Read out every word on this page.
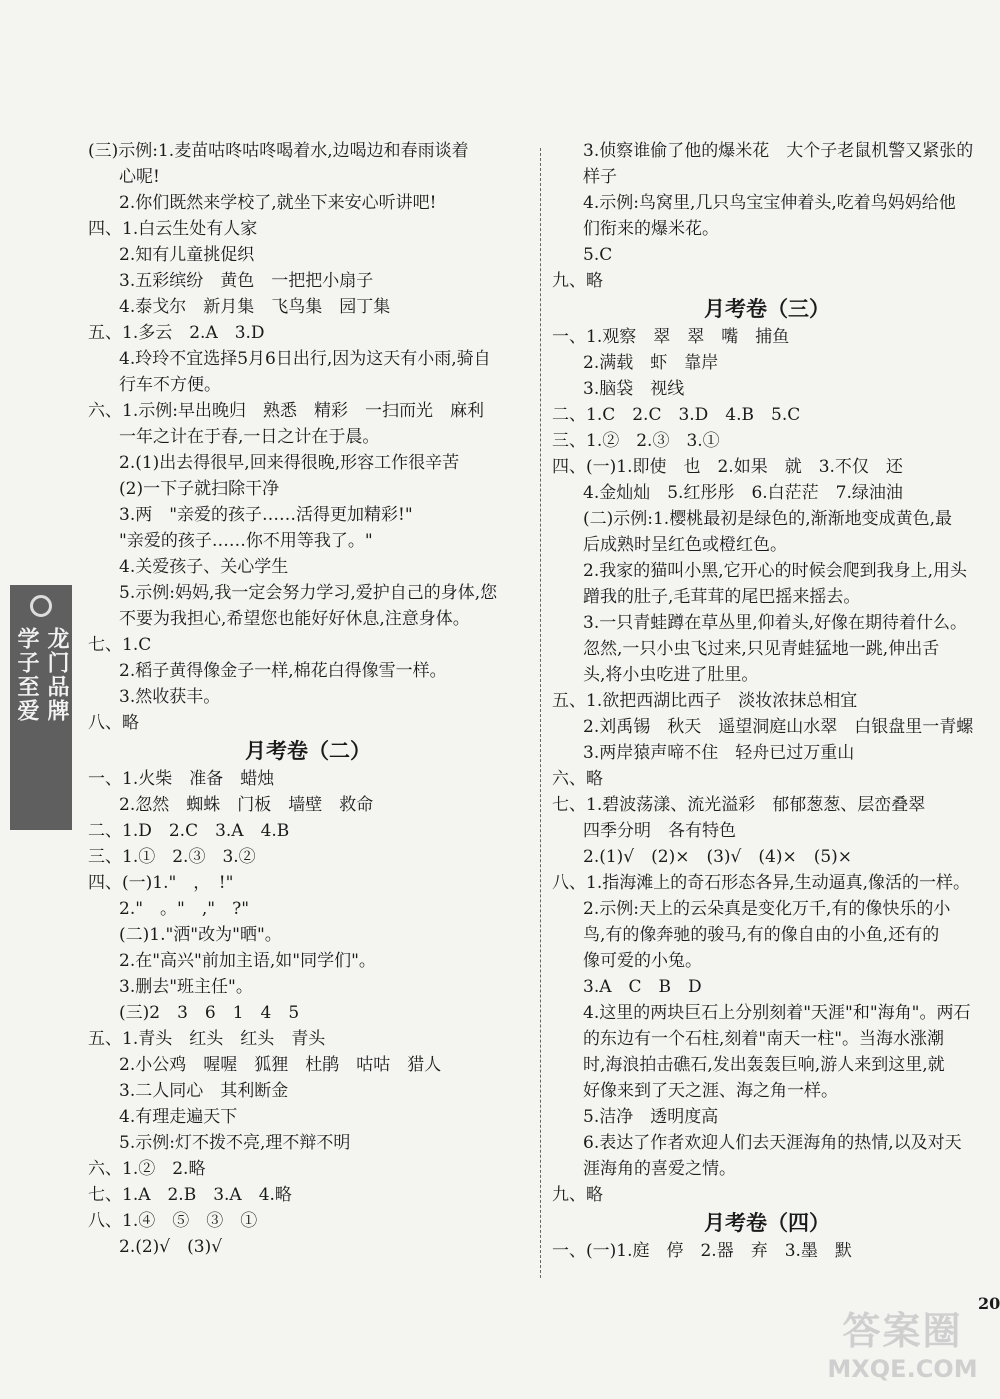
(三)示例:1.麦苗咕咚咕咚喝着水,边喝边和春雨谈着
心呢!
2.你们既然来学校了,就坐下来安心听讲吧!
四、1.白云生处有人家
2.知有儿童挑促织
3.五彩缤纷　黄色　一把把小扇子
4.泰戈尔　新月集　飞鸟集　园丁集
五、1.多云　2.A　3.D
4.玲玲不宜选择5月6日出行,因为这天有小雨,骑自
行车不方便。
六、1.示例:早出晚归　熟悉　精彩　一扫而光　麻利
一年之计在于春,一日之计在于晨。
2.(1)出去得很早,回来得很晚,形容工作很辛苦
(2)一下子就扫除干净
3.两　"亲爱的孩子……活得更加精彩!"
"亲爱的孩子……你不用等我了。"
4.关爱孩子、关心学生
5.示例:妈妈,我一定会努力学习,爱护自己的身体,您
不要为我担心,希望您也能好好休息,注意身体。
七、1.C
2.稻子黄得像金子一样,棉花白得像雪一样。
3.然收获丰。
八、略
月考卷（二）
一、1.火柴　准备　蜡烛
2.忽然　蜘蛛　门板　墙壁　救命
二、1.D　2.C　3.A　4.B
三、1.①　2.③　3.②
四、(一)1."　，　!"
2."　。"　,"　?"
(二)1."洒"改为"晒"。
2.在"高兴"前加主语,如"同学们"。
3.删去"班主任"。
(三)2　3　6　1　4　5
五、1.青头　红头　红头　青头
2.小公鸡　喔喔　狐狸　杜鹃　咕咕　猎人
3.二人同心　其利断金
4.有理走遍天下
5.示例:灯不拨不亮,理不辩不明
六、1.②　2.略
七、1.A　2.B　3.A　4.略
八、1.④　⑤　③　①
2.(2)√　(3)√
3.侦察谁偷了他的爆米花　大个子老鼠机警又紧张的
样子
4.示例:鸟窝里,几只鸟宝宝伸着头,吃着鸟妈妈给他
们衔来的爆米花。
5.C
九、略
月考卷（三）
一、1.观察　翠　翠　嘴　捕鱼
2.满载　虾　靠岸
3.脑袋　视线
二、1.C　2.C　3.D　4.B　5.C
三、1.②　2.③　3.①
四、(一)1.即使　也　2.如果　就　3.不仅　还
4.金灿灿　5.红彤彤　6.白茫茫　7.绿油油
(二)示例:1.樱桃最初是绿色的,渐渐地变成黄色,最
后成熟时呈红色或橙红色。
2.我家的猫叫小黑,它开心的时候会爬到我身上,用头
蹭我的肚子,毛茸茸的尾巴摇来摇去。
3.一只青蛙蹲在草丛里,仰着头,好像在期待着什么。
忽然,一只小虫飞过来,只见青蛙猛地一跳,伸出舌
头,将小虫吃进了肚里。
五、1.欲把西湖比西子　淡妆浓抹总相宜
2.刘禹锡　秋天　遥望洞庭山水翠　白银盘里一青螺
3.两岸猿声啼不住　轻舟已过万重山
六、略
七、1.碧波荡漾、流光溢彩　郁郁葱葱、层峦叠翠
四季分明　各有特色
2.(1)√　(2)×　(3)√　(4)×　(5)×
八、1.指海滩上的奇石形态各异,生动逼真,像活的一样。
2.示例:天上的云朵真是变化万千,有的像快乐的小
鸟,有的像奔驰的骏马,有的像自由的小鱼,还有的
像可爱的小兔。
3.A　C　B　D
4.这里的两块巨石上分别刻着"天涯"和"海角"。两石
的东边有一个石柱,刻着"南天一柱"。当海水涨潮
时,海浪拍击礁石,发出轰轰巨响,游人来到这里,就
好像来到了天之涯、海之角一样。
5.洁净　透明度高
6.表达了作者欢迎人们去天涯海角的热情,以及对天
涯海角的喜爱之情。
九、略
月考卷（四）
一、(一)1.庭　停　2.器　弃　3.墨　默
龙门品牌
学子至爱
20
答案圈
MXQE.COM
